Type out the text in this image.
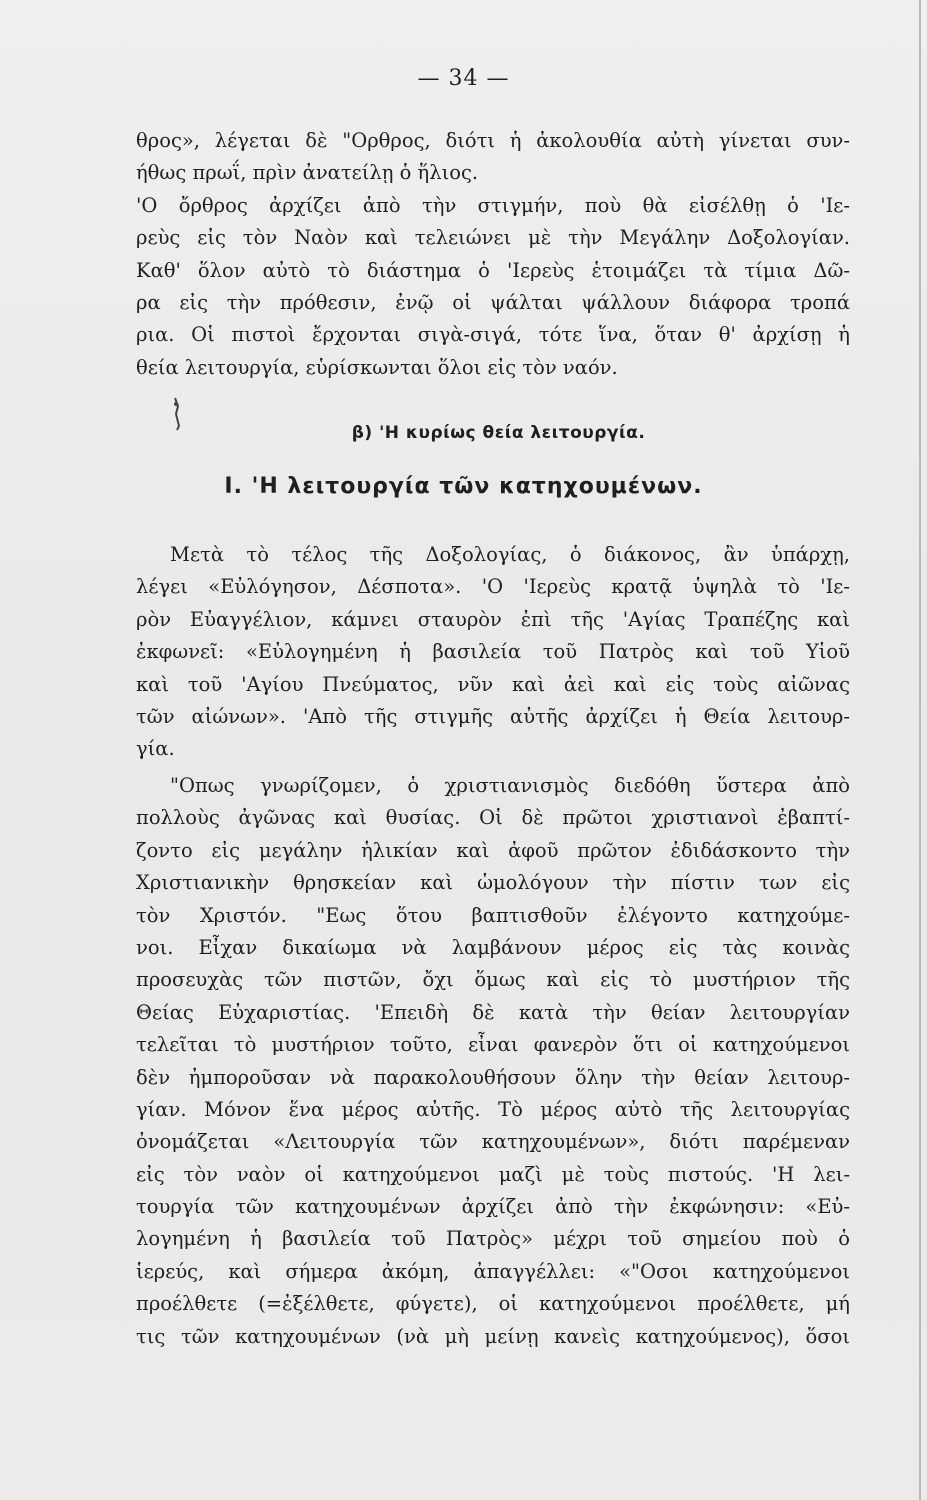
— 34 —
θρος», λέγεται δὲ "Ορθρος, διότι ἡ ἀκολουθία αὐτὴ γίνεται συν-
ήθως πρωΐ, πρὶν ἀνατείλῃ ὁ ἥλιος.
'Ο ὄρθρος ἀρχίζει ἀπὸ τὴν στιγμήν, ποὺ θὰ εἰσέλθῃ ὁ 'Ιε-
ρεὺς εἰς τὸν Ναὸν καὶ τελειώνει μὲ τὴν Μεγάλην Δοξολογίαν.
Καθ' ὅλον αὐτὸ τὸ διάστημα ὁ 'Ιερεὺς ἑτοιμάζει τὰ τίμια Δῶ-
ρα εἰς τὴν πρόθεσιν, ἐνῷ οἱ ψάλται ψάλλουν διάφορα τροπά
ρια. Οἱ πιστοὶ ἔρχονται σιγὰ-σιγά, τότε ἵνα, ὅταν θ' ἀρχίσῃ ἡ
θεία λειτουργία, εὑρίσκωνται ὅλοι εἰς τὸν ναόν.
β) 'Η κυρίως θεία λειτουργία.
Ι. 'Η λειτουργία τῶν κατηχουμένων.
Μετὰ τὸ τέλος τῆς Δοξολογίας, ὁ διάκονος, ἂν ὑπάρχῃ,
λέγει «Εὐλόγησον, Δέσποτα». 'Ο 'Ιερεὺς κρατᾷ ὑψηλὰ τὸ 'Ιε-
ρὸν Εὐαγγέλιον, κάμνει σταυρὸν ἐπὶ τῆς 'Αγίας Τραπέζης καὶ
ἐκφωνεῖ: «Εὐλογημένη ἡ βασιλεία τοῦ Πατρὸς καὶ τοῦ Υἱοῦ
καὶ τοῦ 'Αγίου Πνεύματος, νῦν καὶ ἀεὶ καὶ εἰς τοὺς αἰῶνας
τῶν αἰώνων». 'Απὸ τῆς στιγμῆς αὐτῆς ἀρχίζει ἡ Θεία λειτουρ-
γία.
"Οπως γνωρίζομεν, ὁ χριστιανισμὸς διεδόθη ὕστερα ἀπὸ
πολλοὺς ἀγῶνας καὶ θυσίας. Οἱ δὲ πρῶτοι χριστιανοὶ ἐβαπτί-
ζοντο εἰς μεγάλην ἡλικίαν καὶ ἀφοῦ πρῶτον ἐδιδάσκοντο τὴν
Χριστιανικὴν θρησκείαν καὶ ὡμολόγουν τὴν πίστιν των εἰς
τὸν Χριστόν. "Εως ὅτου βαπτισθοῦν ἐλέγοντο κατηχούμε-
νοι. Εἶχαν δικαίωμα νὰ λαμβάνουν μέρος εἰς τὰς κοινὰς
προσευχὰς τῶν πιστῶν, ὄχι ὅμως καὶ εἰς τὸ μυστήριον τῆς
Θείας Εὐχαριστίας. 'Επειδὴ δὲ κατὰ τὴν θείαν λειτουργίαν
τελεῖται τὸ μυστήριον τοῦτο, εἶναι φανερὸν ὅτι οἱ κατηχούμενοι
δὲν ἠμποροῦσαν νὰ παρακολουθήσουν ὅλην τὴν θείαν λειτουρ-
γίαν. Μόνον ἕνα μέρος αὐτῆς. Τὸ μέρος αὐτὸ τῆς λειτουργίας
ὀνομάζεται «Λειτουργία τῶν κατηχουμένων», διότι παρέμεναν
εἰς τὸν ναὸν οἱ κατηχούμενοι μαζὶ μὲ τοὺς πιστούς. 'Η λει-
τουργία τῶν κατηχουμένων ἀρχίζει ἀπὸ τὴν ἐκφώνησιν: «Εὐ-
λογημένη ἡ βασιλεία τοῦ Πατρὸς» μέχρι τοῦ σημείου ποὺ ὁ
ἱερεύς, καὶ σήμερα ἀκόμη, ἀπαγγέλλει: «"Οσοι κατηχούμενοι
προέλθετε (=ἐξέλθετε, φύγετε), οἱ κατηχούμενοι προέλθετε, μή
τις τῶν κατηχουμένων (νὰ μὴ μείνῃ κανεὶς κατηχούμενος), ὅσοι
